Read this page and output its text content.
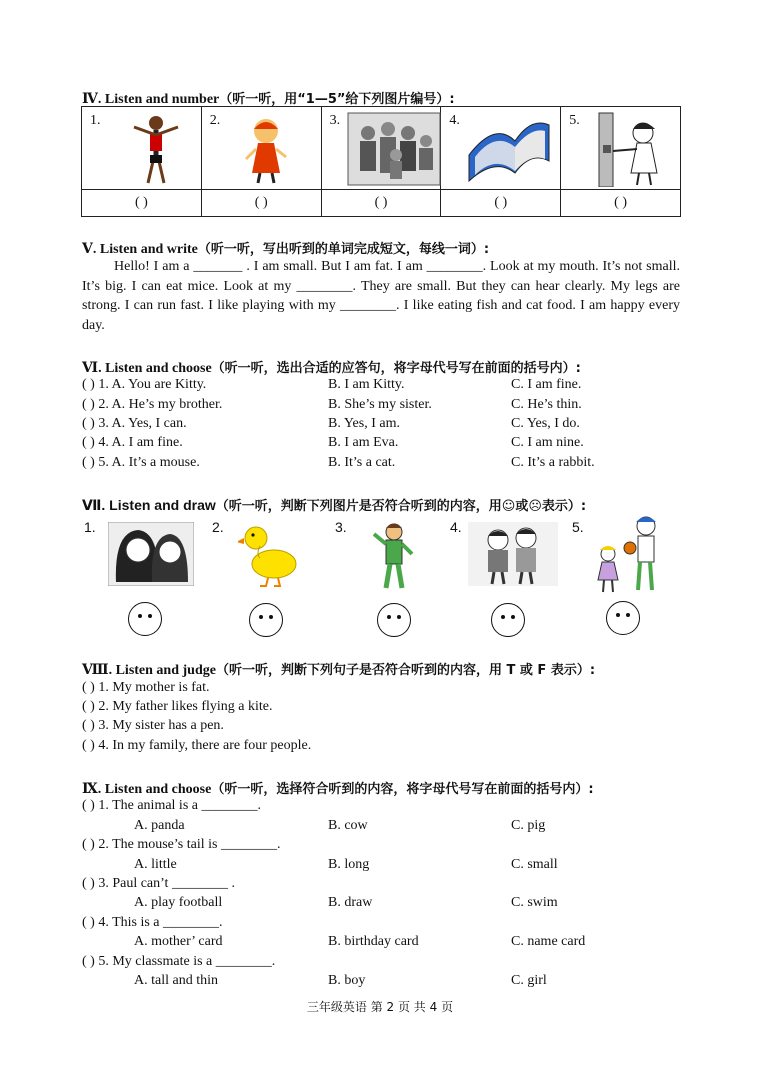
Ⅳ. Listen and number（听一听，用“1—5”给下列图片编号）:
1.	2.	3.	4.	5.

( )	( )	( )	( )	( )
Ⅴ. Listen and write（听一听，写出听到的单词完成短文，每线一词）:
Hello! I am a _______ . I am small. But I am fat. I am ________. Look at my mouth. It’s not small. It’s big. I can eat mice. Look at my ________. They are small. But they can hear clearly. My legs are strong. I can run fast. I like playing with my ________. I like eating fish and cat food. I am happy every day.
Ⅵ. Listen and choose（听一听，选出合适的应答句，将字母代号写在前面的括号内）:
( ) 1. A. You are Kitty.	B. I am Kitty.	C. I am fine.
( ) 2. A. He’s my brother.	B. She’s my sister.	C. He’s thin.
( ) 3. A. Yes, I can.	B. Yes, I am.	C. Yes, I do.
( ) 4. A. I am fine.	B. I am Eva.	C. I am nine.
( ) 5. A. It’s a mouse.	B. It’s a cat.	C. It’s a rabbit.
Ⅶ. Listen and draw（听一听，判断下列图片是否符合听到的内容，用☺或☹表示）:
1.	2.	3.	4.	5.
Ⅷ. Listen and judge（听一听，判断下列句子是否符合听到的内容，用 T 或 F 表示）:
( ) 1. My mother is fat.
( ) 2. My father likes flying a kite.
( ) 3. My sister has a pen.
( ) 4. In my family, there are four people.
Ⅸ. Listen and choose（听一听，选择符合听到的内容，将字母代号写在前面的括号内）:
( ) 1. The animal is a ________.
A. panda	B. cow	C. pig
( ) 2. The mouse’s tail is ________.
A. little	B. long	C. small
( ) 3. Paul can’t ________ .
A. play football	B. draw	C. swim
( ) 4. This is a ________.
A. mother’ card	B. birthday card	C. name card
( ) 5. My classmate is a ________.
A. tall and thin	B. boy	C. girl
三年级英语 第 2 页 共 4 页
